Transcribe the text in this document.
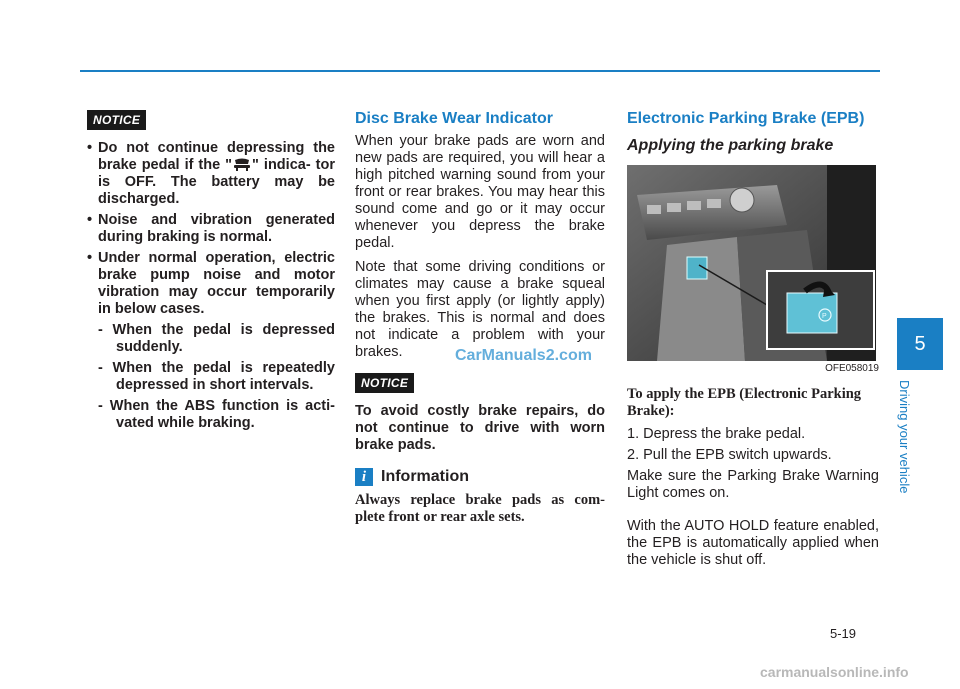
NOTICE
• Do not continue depressing the brake pedal if the " " indica- tor is OFF. The battery may be discharged.
• Noise and vibration generated during braking is normal.
• Under normal operation, electric brake pump noise and motor vibration may occur temporarily in below cases.
- When the pedal is depressed suddenly.
- When the pedal is repeatedly depressed in short intervals.
- When the ABS function is acti- vated while braking.
Disc Brake Wear Indicator

When your brake pads are worn and new pads are required, you will hear a high pitched warning sound from your front or rear brakes. You may hear this sound come and go or it may occur whenever you depress the brake pedal.

Note that some driving conditions or climates may cause a brake squeal when you first apply (or lightly apply) the brakes. This is normal and does not indicate a problem with your brakes.

NOTICE

To avoid costly brake repairs, do not continue to drive with worn brake pads.

i Information

Always replace brake pads as com- plete front or rear axle sets.

Electronic Parking Brake (EPB)
Applying the parking brake
P
OFE058019

To apply the EPB (Electronic Parking Brake):

1. Depress the brake pedal.

2. Pull the EPB switch upwards.

Make sure the Parking Brake Warning Light comes on.

With the AUTO HOLD feature enabled, the EPB is automatically applied when the vehicle is shut off.

CarManuals2.com
5
Driving your vehicle
5-19
carmanualsonline.info
